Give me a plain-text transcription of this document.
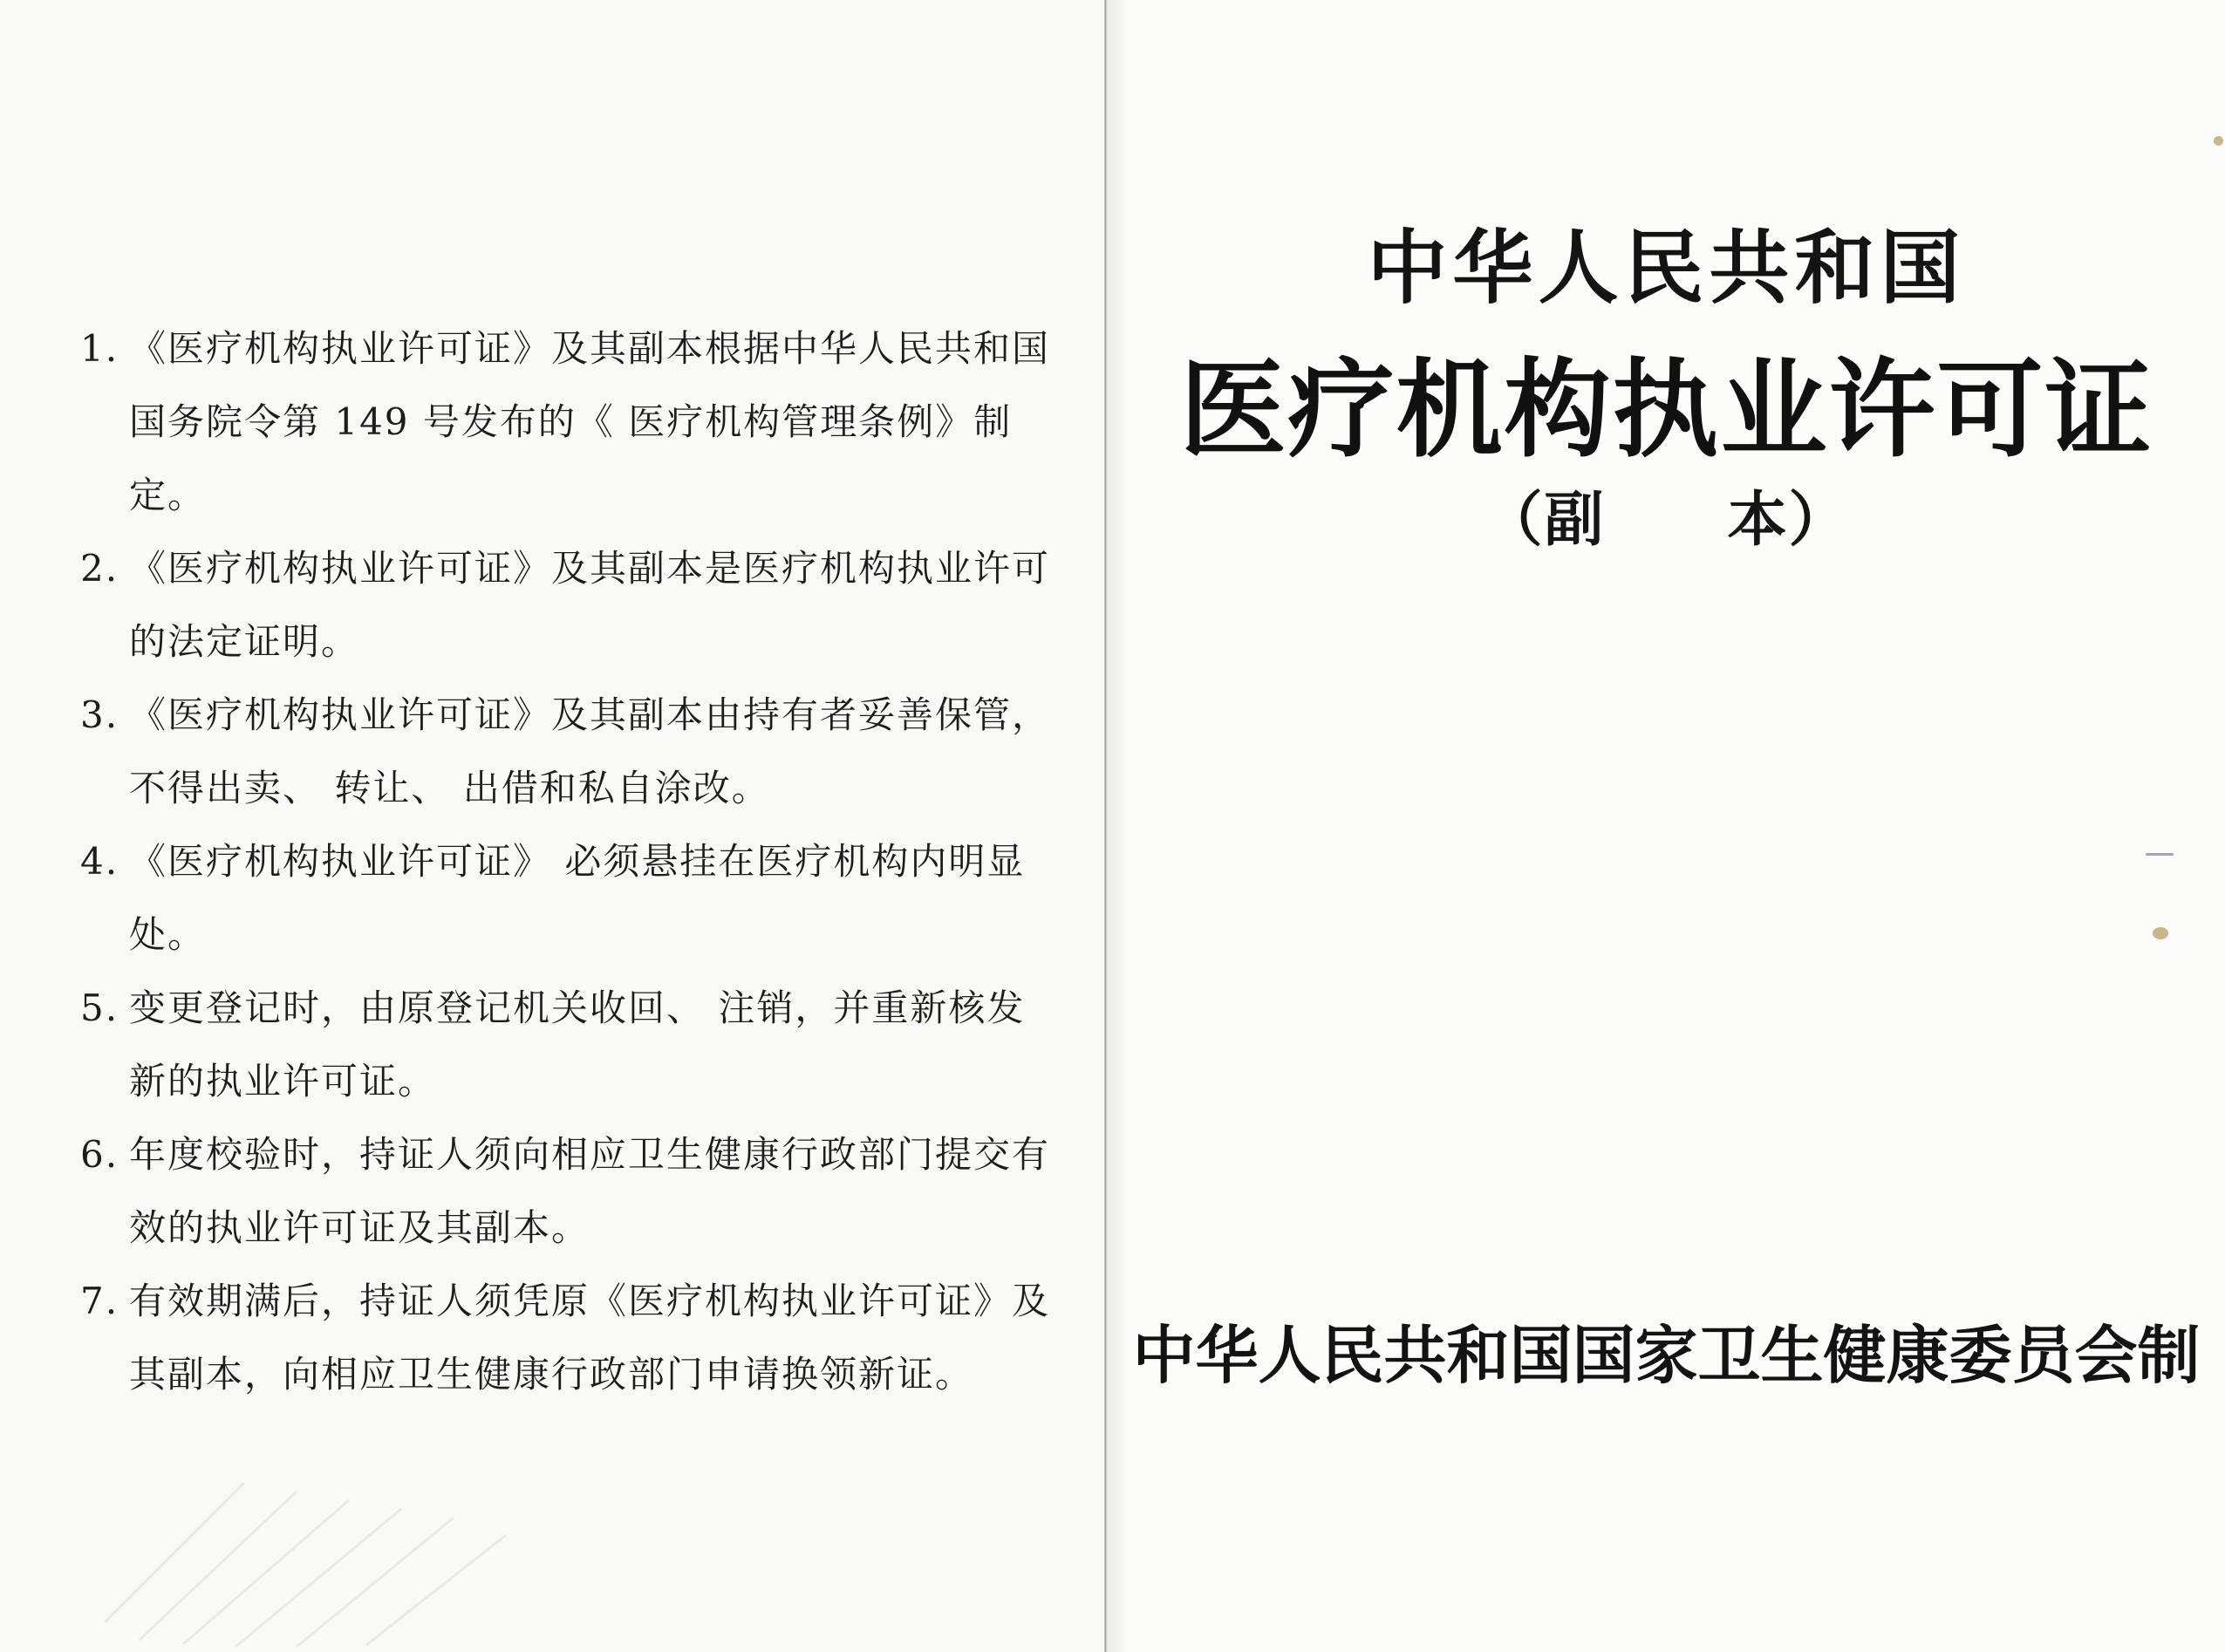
1. 《医疗机构执业许可证》及其副本根据中华人民共和国国务院令第 149 号发布的《 医疗机构管理条例》制定。
2. 《医疗机构执业许可证》及其副本是医疗机构执业许可的法定证明。
3. 《医疗机构执业许可证》及其副本由持有者妥善保管，不得出卖、 转让、 出借和私自涂改。
4. 《医疗机构执业许可证》 必须悬挂在医疗机构内明显处。
5. 变更登记时，由原登记机关收回、 注销，并重新核发新的执业许可证。
6. 年度校验时，持证人须向相应卫生健康行政部门提交有效的执业许可证及其副本。
7. 有效期满后，持证人须凭原《医疗机构执业许可证》及其副本，向相应卫生健康行政部门申请换领新证。
中华人民共和国
医疗机构执业许可证
（副　　本）
中华人民共和国国家卫生健康委员会制
